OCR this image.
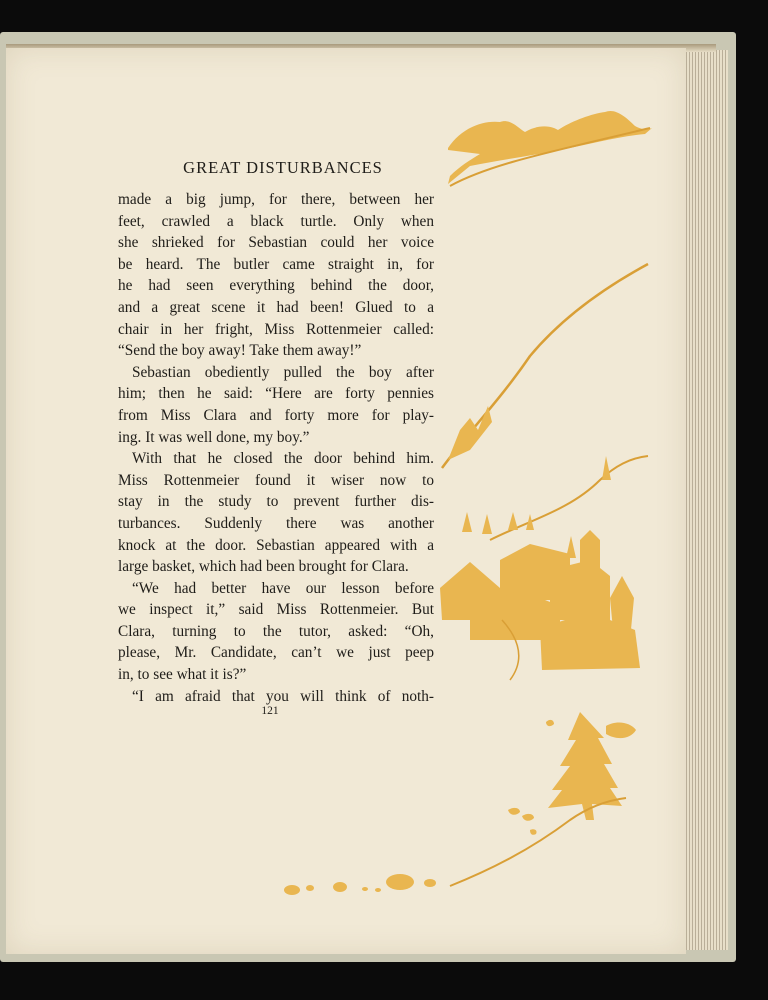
GREAT DISTURBANCES
made a big jump, for there, between her
feet, crawled a black turtle. Only when
she shrieked for Sebastian could her voice
be heard. The butler came straight in, for
he had seen everything behind the door,
and a great scene it had been! Glued to a
chair in her fright, Miss Rottenmeier called:
“Send the boy away! Take them away!”
Sebastian obediently pulled the boy after
him; then he said: “Here are forty pennies
from Miss Clara and forty more for play-
ing. It was well done, my boy.”
With that he closed the door behind him.
Miss Rottenmeier found it wiser now to
stay in the study to prevent further dis-
turbances. Suddenly there was another
knock at the door. Sebastian appeared with a
large basket, which had been brought for Clara.
“We had better have our lesson before
we inspect it,” said Miss Rottenmeier. But
Clara, turning to the tutor, asked: “Oh,
please, Mr. Candidate, can’t we just peep
in, to see what it is?”
“I am afraid that you will think of noth-
121
